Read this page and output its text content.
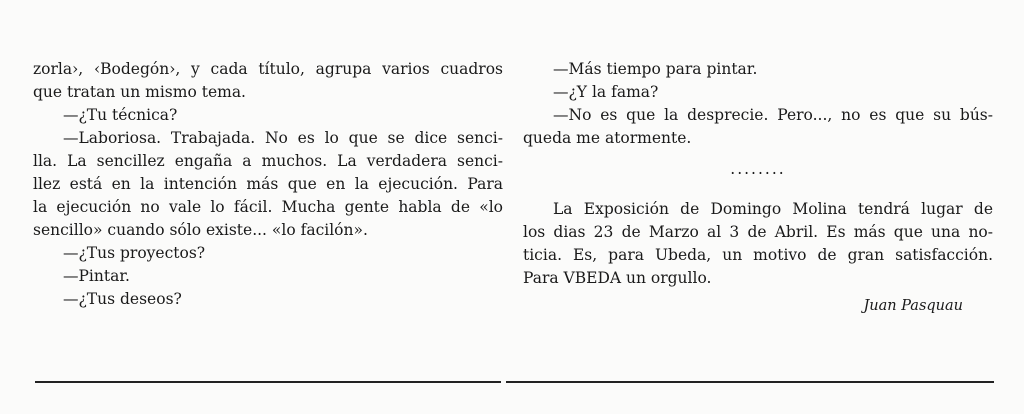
zorla›, ‹Bodegón›, y cada título, agrupa varios cuadros
que tratan un mismo tema.
—¿Tu técnica?
—Laboriosa. Trabajada. No es lo que se dice senci-
lla. La sencillez engaña a muchos. La verdadera senci-
llez está en la intención más que en la ejecución. Para
la ejecución no vale lo fácil. Mucha gente habla de «lo
sencillo» cuando sólo existe... «lo facilón».
—¿Tus proyectos?
—Pintar.
—¿Tus deseos?
—Más tiempo para pintar.
—¿Y la fama?
—No es que la desprecie. Pero..., no es que su bús-
queda me atormente.
........
La Exposición de Domingo Molina tendrá lugar de
los dias 23 de Marzo al 3 de Abril. Es más que una no-
ticia. Es, para Ubeda, un motivo de gran satisfacción.
Para VBEDA un orgullo.
Juan Pasquau
